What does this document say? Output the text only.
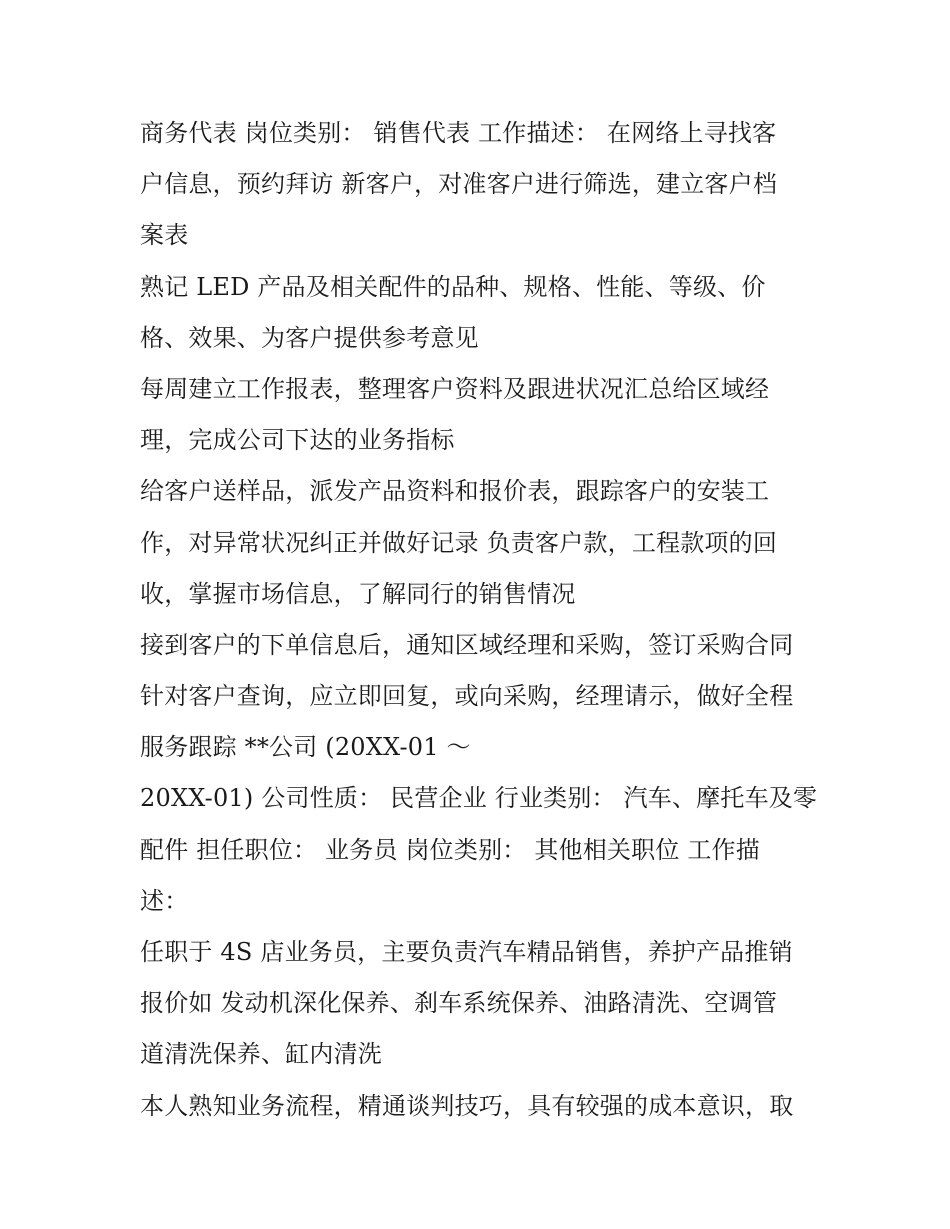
商务代表 岗位类别： 销售代表 工作描述： 在网络上寻找客
户信息，预约拜访 新客户，对准客户进行筛选，建立客户档
案表
熟记 LED 产品及相关配件的品种、规格、性能、等级、价
格、效果、为客户提供参考意见
每周建立工作报表，整理客户资料及跟进状况汇总给区域经
理，完成公司下达的业务指标
给客户送样品，派发产品资料和报价表，跟踪客户的安装工
作，对异常状况纠正并做好记录 负责客户款，工程款项的回
收，掌握市场信息，了解同行的销售情况
接到客户的下单信息后，通知区域经理和采购，签订采购合同
针对客户查询，应立即回复，或向采购，经理请示，做好全程
服务跟踪 **公司 (20XX-01 ～
20XX-01) 公司性质： 民营企业 行业类别： 汽车、摩托车及零
配件 担任职位： 业务员 岗位类别： 其他相关职位 工作描
述：
任职于 4S 店业务员，主要负责汽车精品销售，养护产品推销
报价如 发动机深化保养、刹车系统保养、油路清洗、空调管
道清洗保养、缸内清洗
本人熟知业务流程，精通谈判技巧，具有较强的成本意识，取
